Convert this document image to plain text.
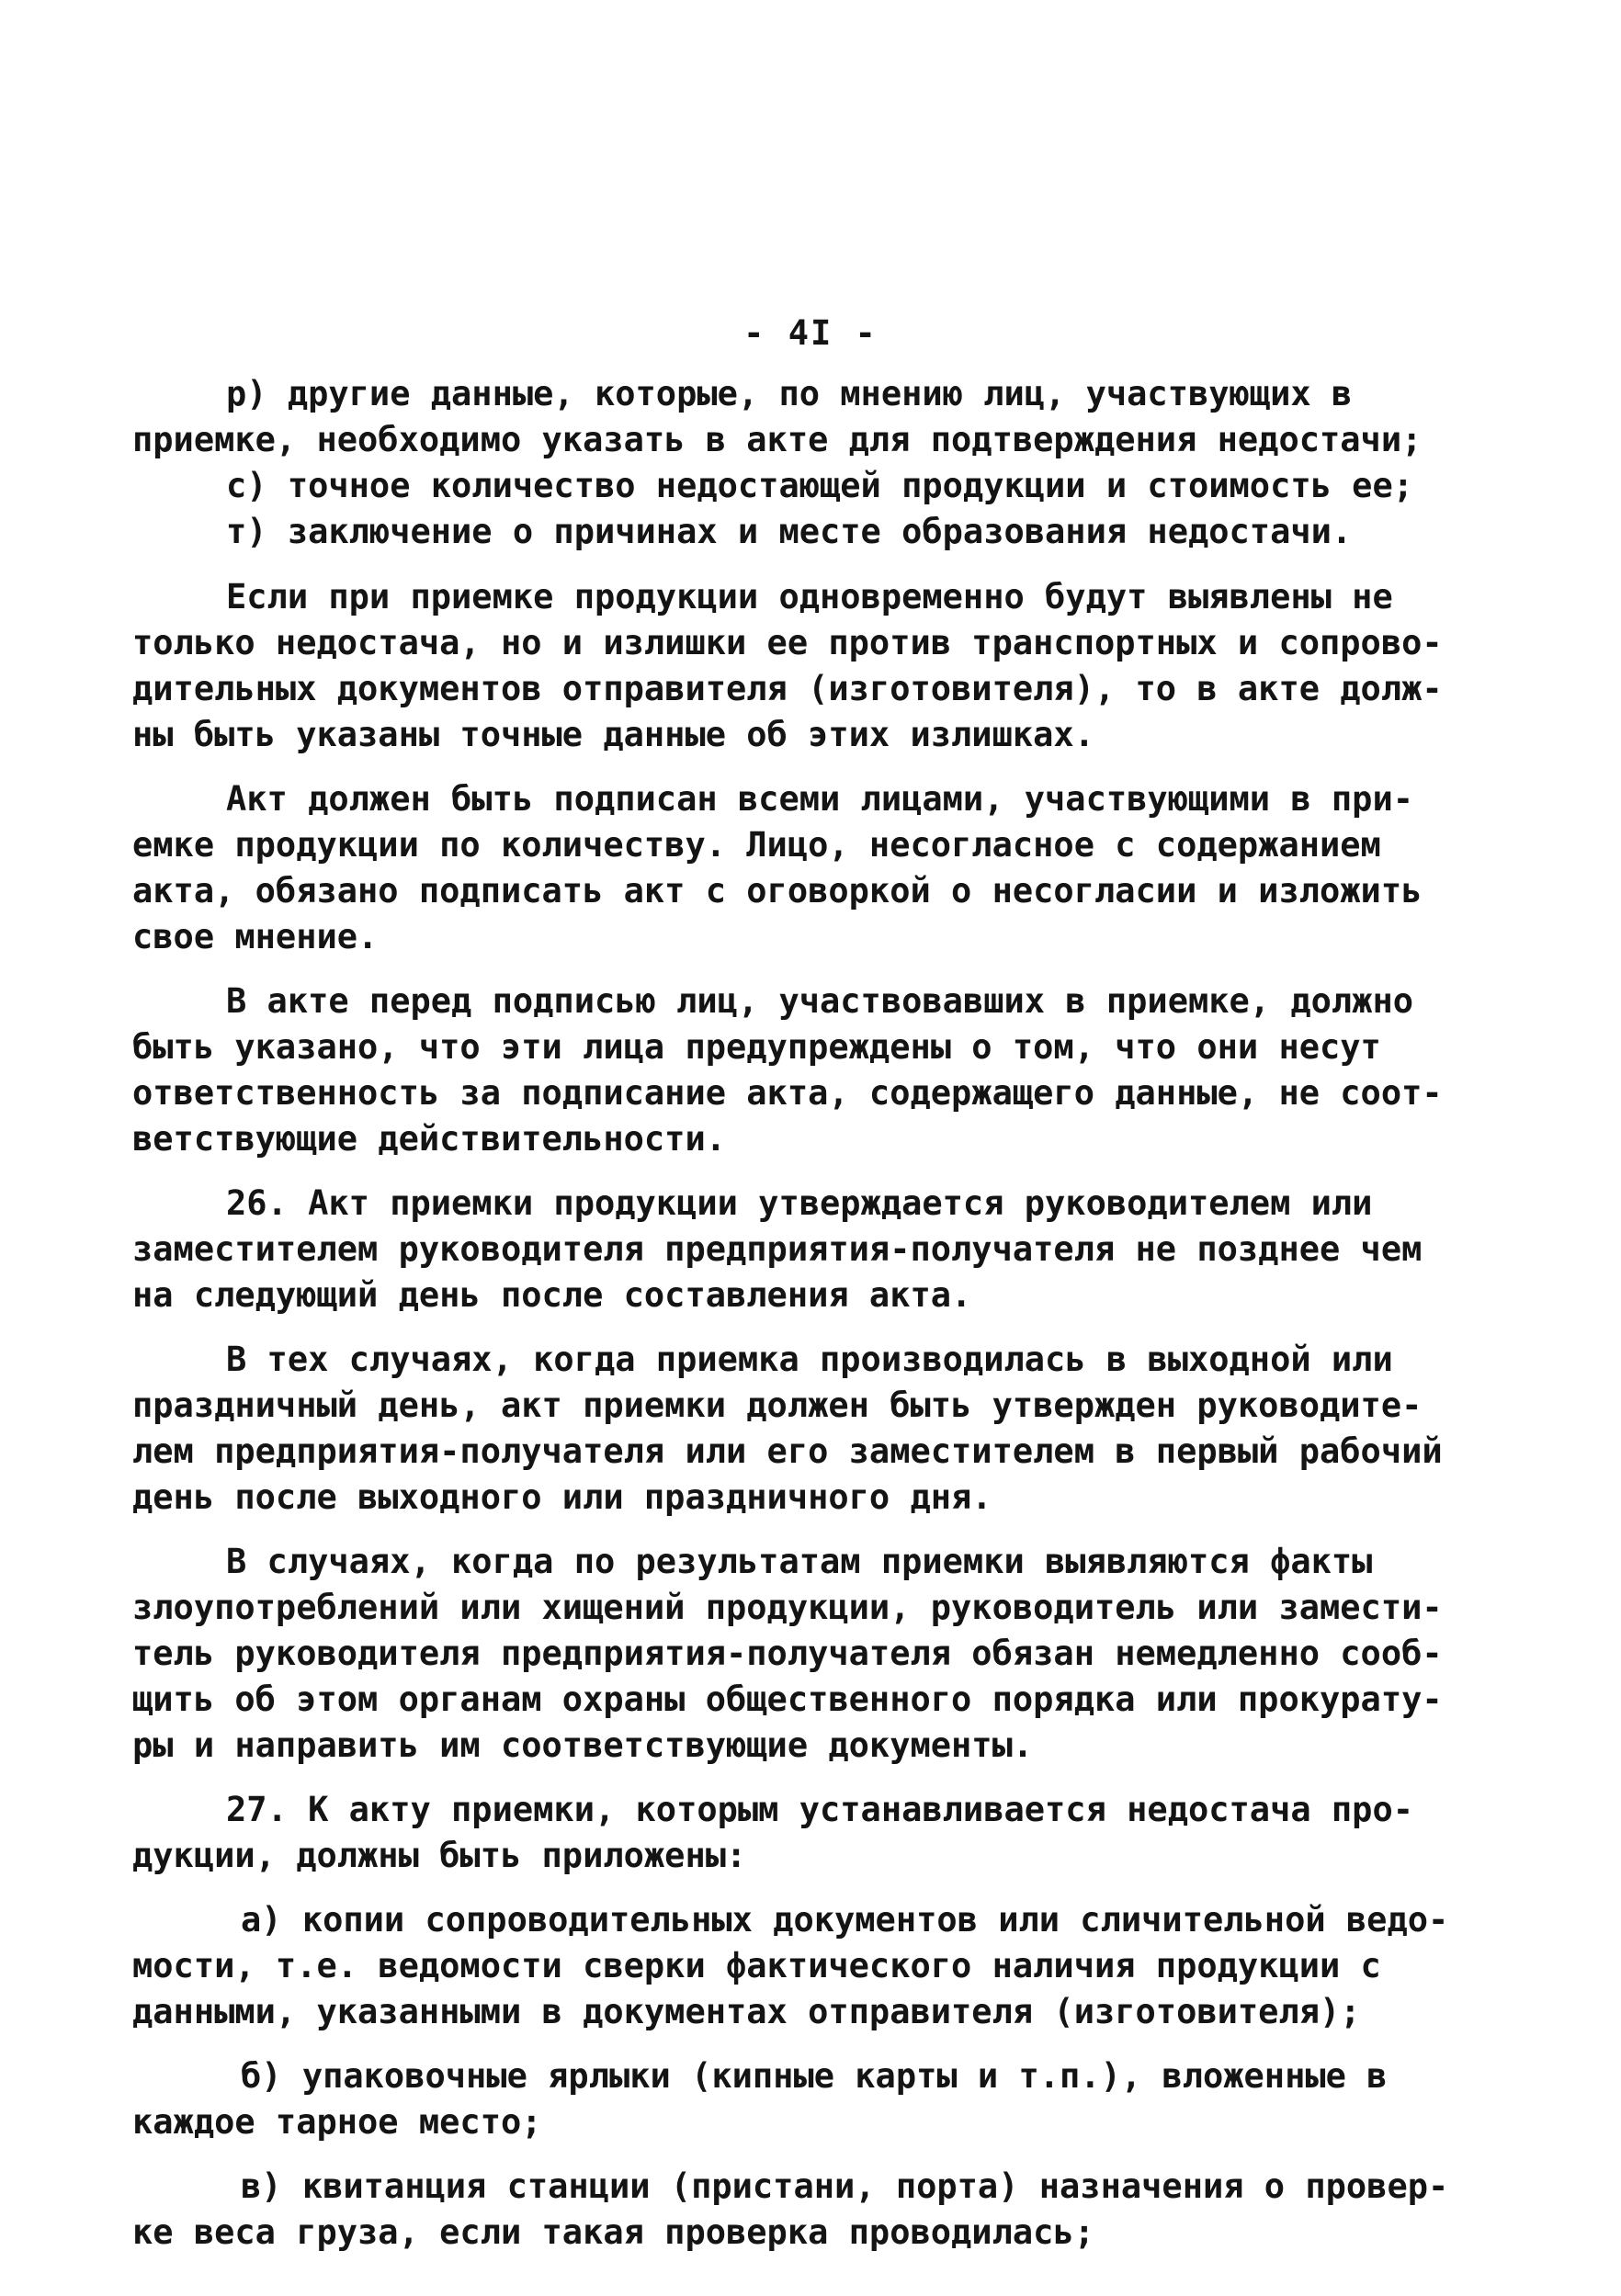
- 4I -
р) другие данные, которые, по мнению лиц, участвующих в
приемке, необходимо указать в акте для подтверждения недостачи;
с) точное количество недостающей продукции и стоимость ее;
т) заключение о причинах и месте образования недостачи.
Если при приемке продукции одновременно будут выявлены не
только недостача, но и излишки ее против транспортных и сопрово-
дительных документов отправителя (изготовителя), то в акте долж-
ны быть указаны точные данные об этих излишках.
Акт должен быть подписан всеми лицами, участвующими в при-
емке продукции по количеству. Лицо, несогласное с содержанием
акта, обязано подписать акт с оговоркой о несогласии и изложить
свое мнение.
В акте перед подписью лиц, участвовавших в приемке, должно
быть указано, что эти лица предупреждены о том, что они несут
ответственность за подписание акта, содержащего данные, не соот-
ветствующие действительности.
26. Акт приемки продукции утверждается руководителем или
заместителем руководителя предприятия-получателя не позднее чем
на следующий день после составления акта.
В тех случаях, когда приемка производилась в выходной или
праздничный день, акт приемки должен быть утвержден руководите-
лем предприятия-получателя или его заместителем в первый рабочий
день после выходного или праздничного дня.
В случаях, когда по результатам приемки выявляются факты
злоупотреблений или хищений продукции, руководитель или замести-
тель руководителя предприятия-получателя обязан немедленно сооб-
щить об этом органам охраны общественного порядка или прокурату-
ры и направить им соответствующие документы.
27. К акту приемки, которым устанавливается недостача про-
дукции, должны быть приложены:
а) копии сопроводительных документов или сличительной ведо-
мости, т.е. ведомости сверки фактического наличия продукции с
данными, указанными в документах отправителя (изготовителя);
б) упаковочные ярлыки (кипные карты и т.п.), вложенные в
каждое тарное место;
в) квитанция станции (пристани, порта) назначения о провер-
ке веса груза, если такая проверка проводилась;
